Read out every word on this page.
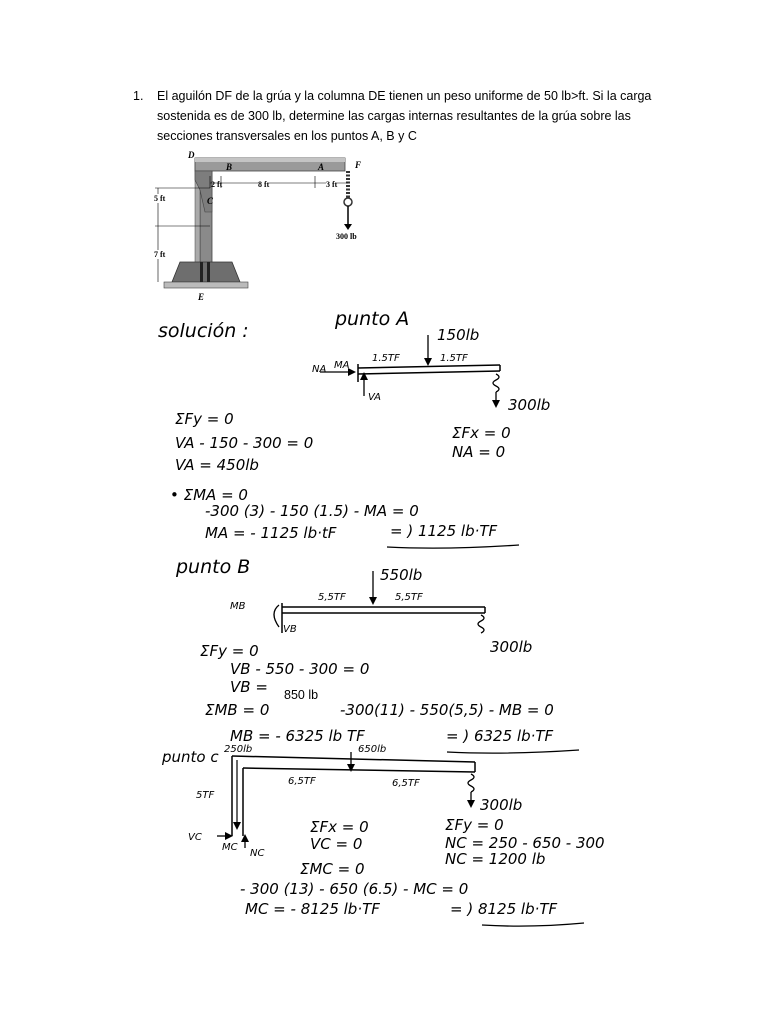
1. El aguilón DF de la grúa y la columna DE tienen un peso uniforme de 50 lb>ft. Si la carga sostenida es de 300 lb, determine las cargas internas resultantes de la grúa sobre las secciones transversales en los puntos A, B y C
D
B	A	F
C
E
2 ft	8 ft	3 ft
5 ft
7 ft
300 lb
solución :
punto A
150lb
1.5TF	1.5TF
NA MA
VA	300lb
ΣFy = 0
VA - 150 - 300 = 0
VA = 450lb
ΣFx = 0
NA = 0
• ΣMA = 0
-300 (3) - 150 (1.5) - MA = 0
MA = - 1125 lb·tF	= ) 1125 lb·TF
punto B	550lb
5,5TF	5,5TF
MB
VB
300lb
ΣFy = 0
VB - 550 - 300 = 0
VB = 850 lb
ΣMB = 0	-300(11) - 550(5,5) - MB = 0
MB = - 6325 lb TF	= ) 6325 lb·TF
punto c 250lb	650lb
6,5TF	6,5TF
5TF
VC
NC
MC
300lb
ΣFx = 0
VC = 0
ΣFy = 0
NC = 250 - 650 - 300
NC = 1200 lb
ΣMC = 0
- 300 (13) - 650 (6.5) - MC = 0
MC = - 8125 lb·TF	= ) 8125 lb·TF
